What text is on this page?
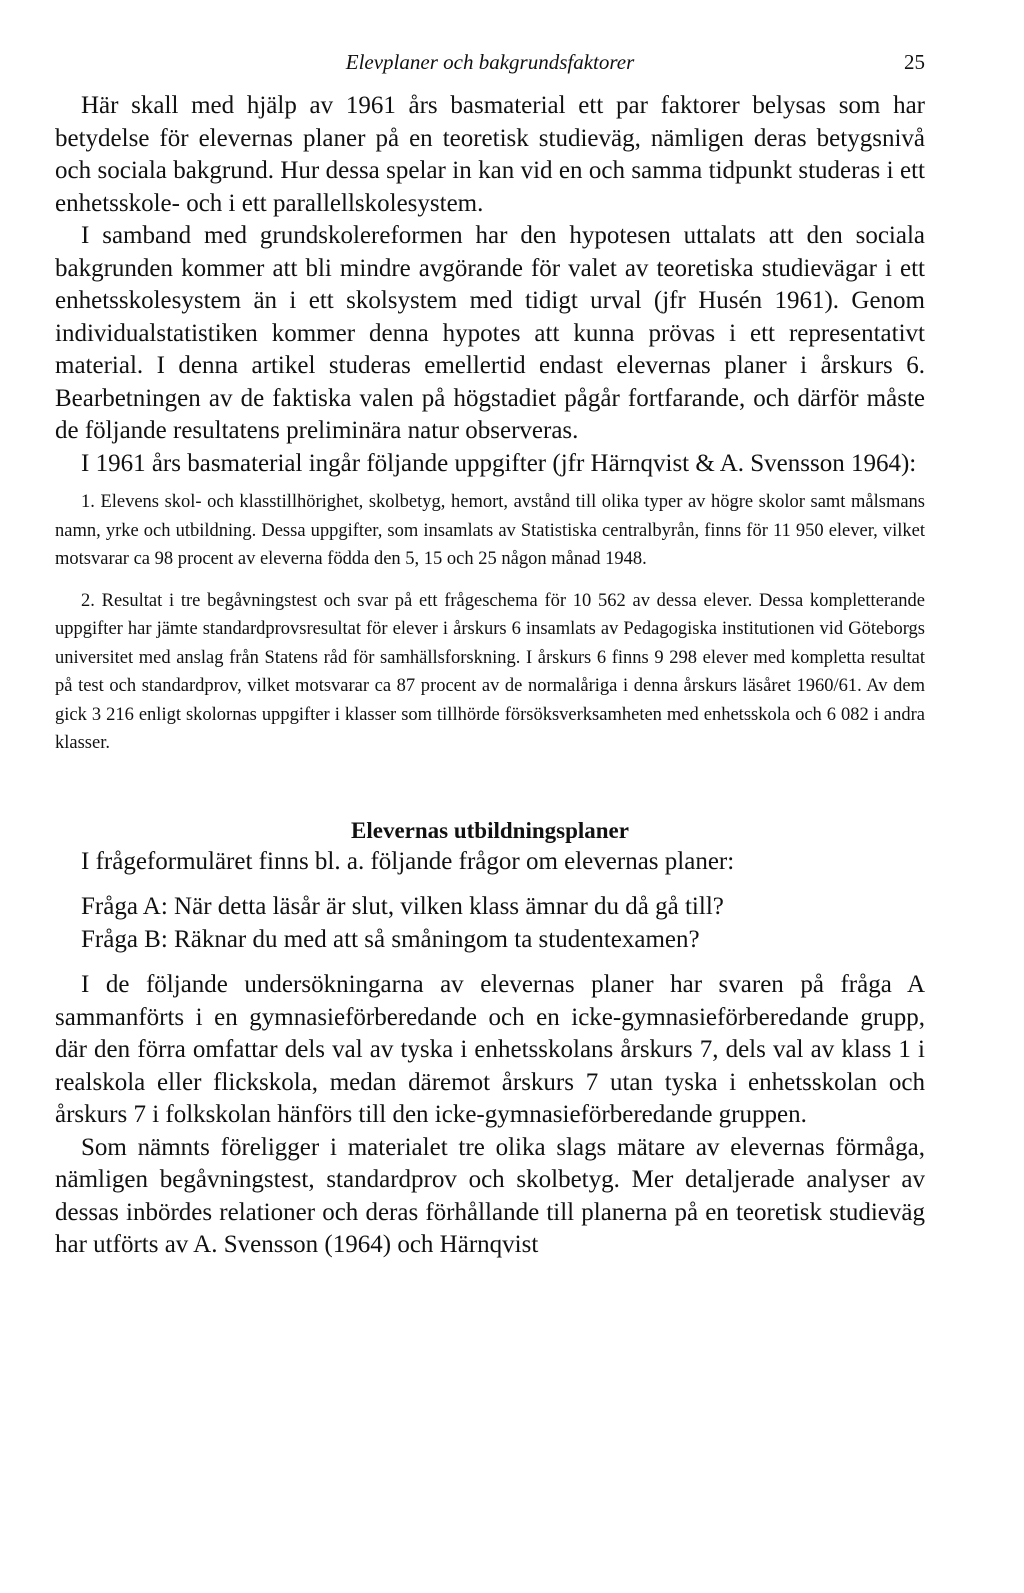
Elevplaner och bakgrundsfaktorer	25

Här skall med hjälp av 1961 års basmaterial ett par faktorer belysas som har betydelse för elevernas planer på en teoretisk studieväg, nämligen deras betygsnivå och sociala bakgrund. Hur dessa spelar in kan vid en och samma tidpunkt studeras i ett enhetsskole- och i ett parallellskolesystem.

I samband med grundskolereformen har den hypotesen uttalats att den sociala bakgrunden kommer att bli mindre avgörande för valet av teoretiska studievägar i ett enhetsskolesystem än i ett skolsystem med tidigt urval (jfr Husén 1961). Genom individualstatistiken kommer denna hypotes att kunna prövas i ett representativt material. I denna artikel studeras emellertid endast elevernas planer i årskurs 6. Bearbetningen av de faktiska valen på högstadiet pågår fortfarande, och därför måste de följande resultatens preliminära natur observeras.

I 1961 års basmaterial ingår följande uppgifter (jfr Härnqvist & A. Svensson 1964):

1. Elevens skol- och klasstillhörighet, skolbetyg, hemort, avstånd till olika typer av högre skolor samt målsmans namn, yrke och utbildning. Dessa uppgifter, som insamlats av Statistiska centralbyrån, finns för 11 950 elever, vilket motsvarar ca 98 procent av eleverna födda den 5, 15 och 25 någon månad 1948.

2. Resultat i tre begåvningstest och svar på ett frågeschema för 10 562 av dessa elever. Dessa kompletterande uppgifter har jämte standardprovsresultat för elever i årskurs 6 insamlats av Pedagogiska institutionen vid Göteborgs universitet med anslag från Statens råd för samhällsforskning. I årskurs 6 finns 9 298 elever med kompletta resultat på test och standardprov, vilket motsvarar ca 87 procent av de normalåriga i denna årskurs läsåret 1960/61. Av dem gick 3 216 enligt skolornas uppgifter i klasser som tillhörde försöksverksamheten med enhetsskola och 6 082 i andra klasser.

Elevernas utbildningsplaner

I frågeformuläret finns bl. a. följande frågor om elevernas planer:

Fråga A: När detta läsår är slut, vilken klass ämnar du då gå till?

Fråga B: Räknar du med att så småningom ta studentexamen?

I de följande undersökningarna av elevernas planer har svaren på fråga A sammanförts i en gymnasieförberedande och en icke-gymnasieförberedande grupp, där den förra omfattar dels val av tyska i enhetsskolans årskurs 7, dels val av klass 1 i realskola eller flickskola, medan däremot årskurs 7 utan tyska i enhetsskolan och årskurs 7 i folkskolan hänförs till den icke-gymnasieförberedande gruppen.

Som nämnts föreligger i materialet tre olika slags mätare av elevernas förmåga, nämligen begåvningstest, standardprov och skolbetyg. Mer detaljerade analyser av dessas inbördes relationer och deras förhållande till planerna på en teoretisk studieväg har utförts av A. Svensson (1964) och Härnqvist
